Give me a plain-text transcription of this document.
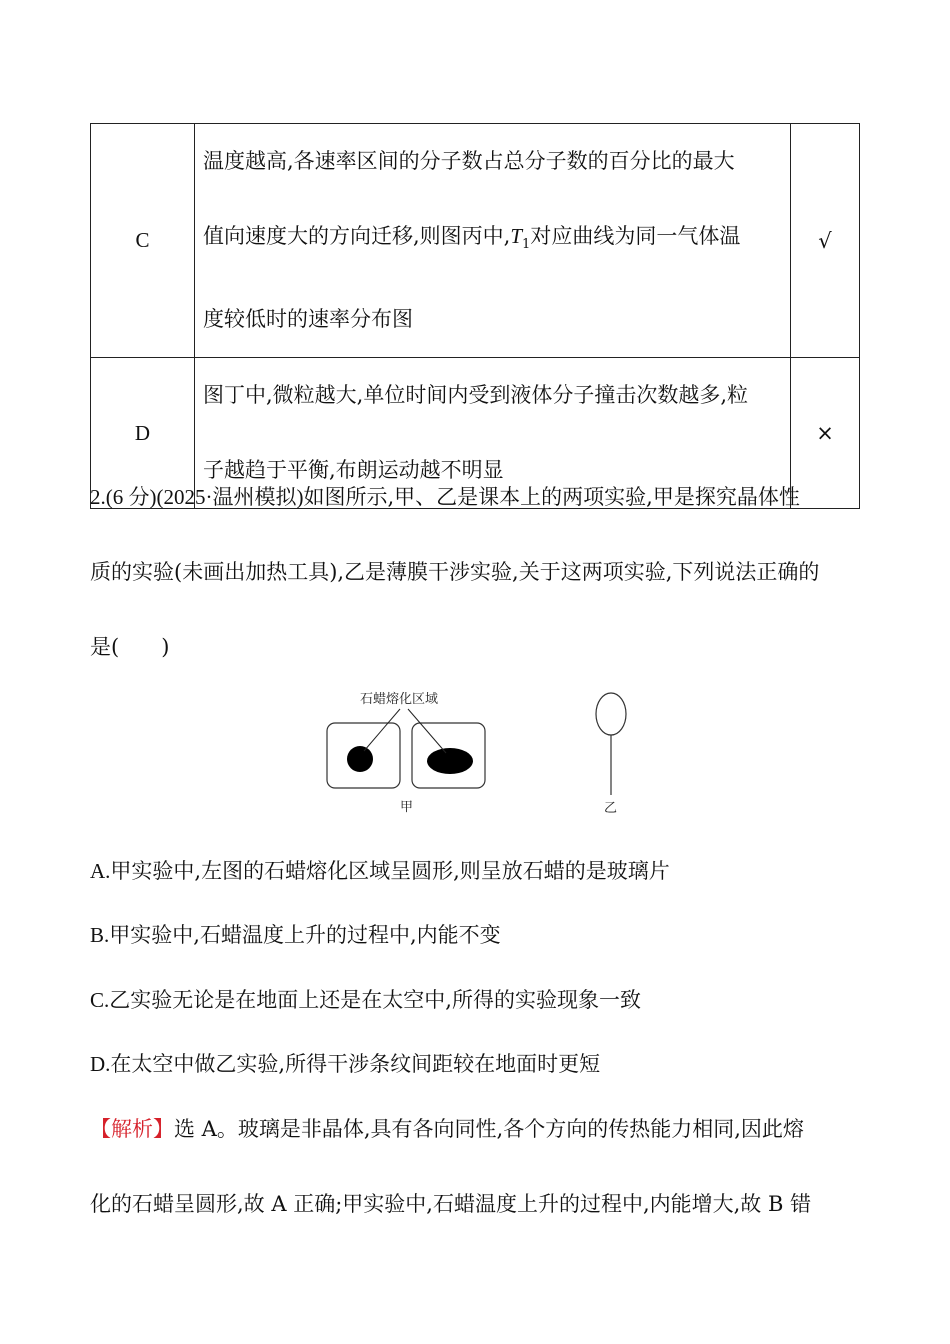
C	温度越高,各速率区间的分子数占总分子数的百分比的最大
值向速度大的方向迁移,则图丙中$,T_1$对应曲线为同一气体温
度较低时的速率分布图	√
D	图丁中,微粒越大,单位时间内受到液体分子撞击次数越多,粒
子越趋于平衡,布朗运动越不明显	×
2.(6 分)(2025·温州模拟)如图所示,甲、乙是课本上的两项实验,甲是探究晶体性
质的实验(未画出加热工具),乙是薄膜干涉实验,关于这两项实验,下列说法正确的
是(　　)
石蜡熔化区域
甲	乙
A.甲实验中,左图的石蜡熔化区域呈圆形,则呈放石蜡的是玻璃片
B.甲实验中,石蜡温度上升的过程中,内能不变
C.乙实验无论是在地面上还是在太空中,所得的实验现象一致
D.在太空中做乙实验,所得干涉条纹间距较在地面时更短
【解析】选 A。玻璃是非晶体,具有各向同性,各个方向的传热能力相同,因此熔
化的石蜡呈圆形,故 A 正确;甲实验中,石蜡温度上升的过程中,内能增大,故 B 错
